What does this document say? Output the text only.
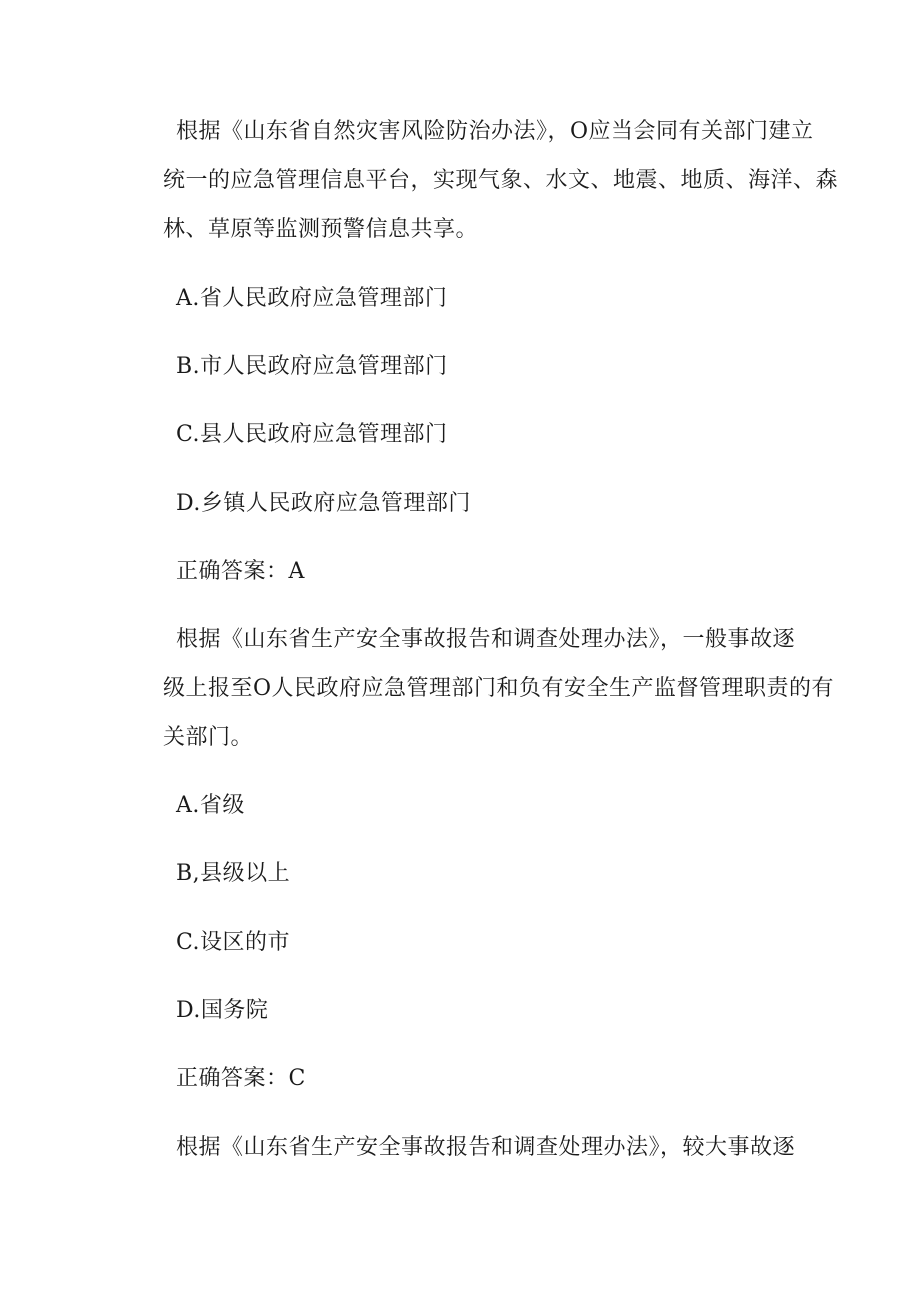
根据《山东省自然灾害风险防治办法》，O应当会同有关部门建立
统一的应急管理信息平台，实现气象、水文、地震、地质、海洋、森
林、草原等监测预警信息共享。
A.省人民政府应急管理部门
B.市人民政府应急管理部门
C.县人民政府应急管理部门
D.乡镇人民政府应急管理部门
正确答案：A
根据《山东省生产安全事故报告和调查处理办法》，一般事故逐
级上报至O人民政府应急管理部门和负有安全生产监督管理职责的有
关部门。
A.省级
B,县级以上
C.设区的市
D.国务院
正确答案：C
根据《山东省生产安全事故报告和调查处理办法》，较大事故逐
